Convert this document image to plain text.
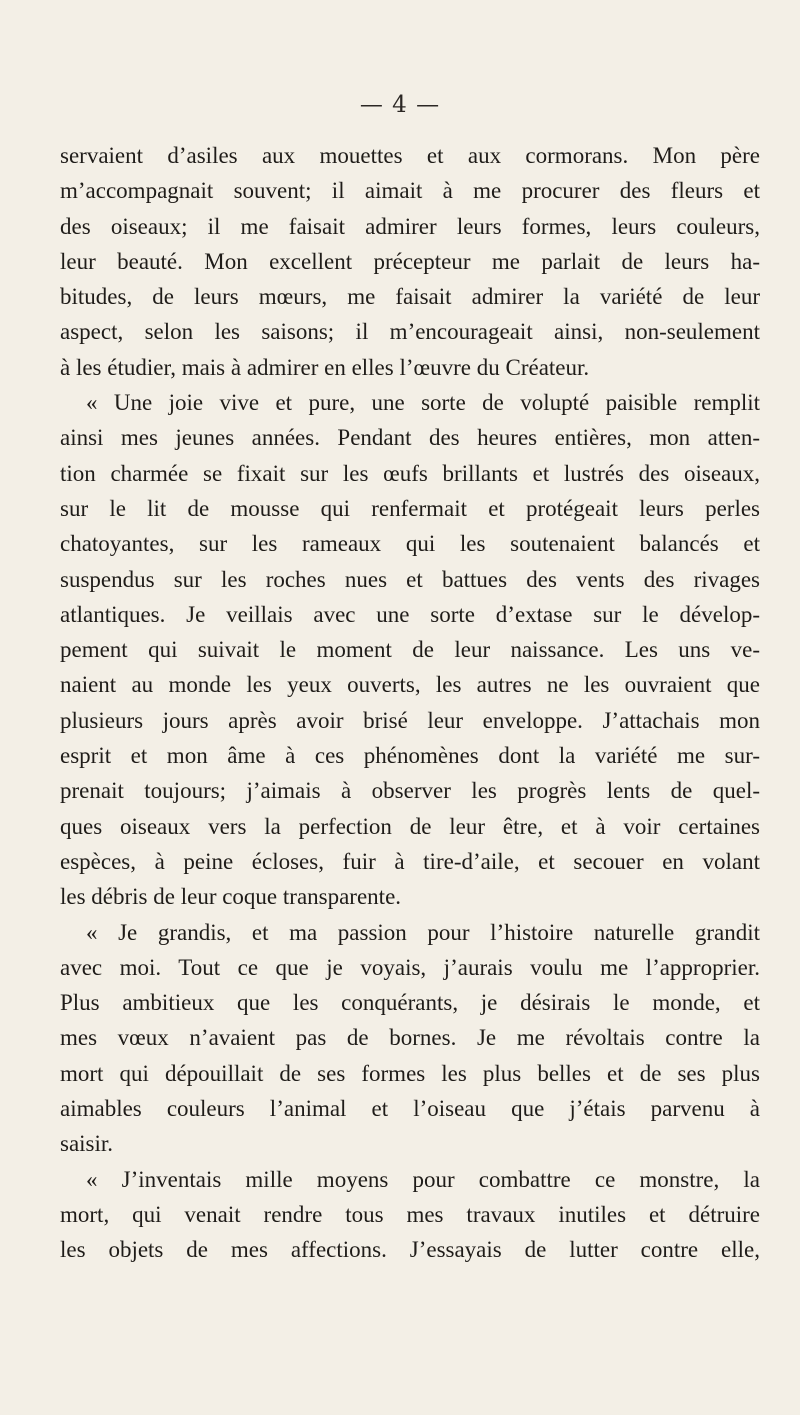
— 4 —
servaient d’asiles aux mouettes et aux cormorans. Mon père
m’accompagnait souvent; il aimait à me procurer des fleurs et
des oiseaux; il me faisait admirer leurs formes, leurs couleurs,
leur beauté. Mon excellent précepteur me parlait de leurs ha-
bitudes, de leurs mœurs, me faisait admirer la variété de leur
aspect, selon les saisons; il m’encourageait ainsi, non-seulement
à les étudier, mais à admirer en elles l’œuvre du Créateur.
« Une joie vive et pure, une sorte de volupté paisible remplit
ainsi mes jeunes années. Pendant des heures entières, mon atten-
tion charmée se fixait sur les œufs brillants et lustrés des oiseaux,
sur le lit de mousse qui renfermait et protégeait leurs perles
chatoyantes, sur les rameaux qui les soutenaient balancés et
suspendus sur les roches nues et battues des vents des rivages
atlantiques. Je veillais avec une sorte d’extase sur le dévelop-
pement qui suivait le moment de leur naissance. Les uns ve-
naient au monde les yeux ouverts, les autres ne les ouvraient que
plusieurs jours après avoir brisé leur enveloppe. J’attachais mon
esprit et mon âme à ces phénomènes dont la variété me sur-
prenait toujours; j’aimais à observer les progrès lents de quel-
ques oiseaux vers la perfection de leur être, et à voir certaines
espèces, à peine écloses, fuir à tire-d’aile, et secouer en volant
les débris de leur coque transparente.
« Je grandis, et ma passion pour l’histoire naturelle grandit
avec moi. Tout ce que je voyais, j’aurais voulu me l’approprier.
Plus ambitieux que les conquérants, je désirais le monde, et
mes vœux n’avaient pas de bornes. Je me révoltais contre la
mort qui dépouillait de ses formes les plus belles et de ses plus
aimables couleurs l’animal et l’oiseau que j’étais parvenu à
saisir.
« J’inventais mille moyens pour combattre ce monstre, la
mort, qui venait rendre tous mes travaux inutiles et détruire
les objets de mes affections. J’essayais de lutter contre elle,
